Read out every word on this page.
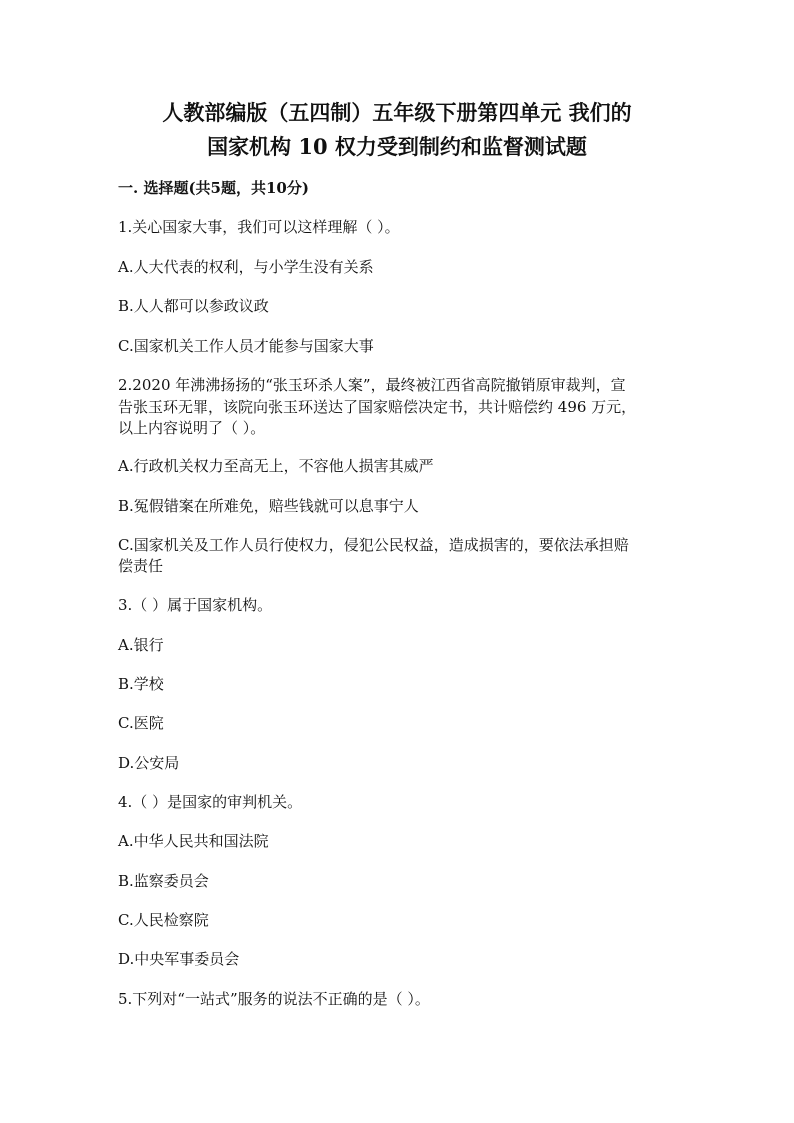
人教部编版（五四制）五年级下册第四单元 我们的
国家机构 10 权力受到制约和监督测试题
一. 选择题(共5题，共10分)
1.关心国家大事，我们可以这样理解（ ）。
A.人大代表的权利，与小学生没有关系
B.人人都可以参政议政
C.国家机关工作人员才能参与国家大事
2.2020 年沸沸扬扬的“张玉环杀人案”，最终被江西省高院撤销原审裁判，宣
告张玉环无罪，该院向张玉环送达了国家赔偿决定书，共计赔偿约 496 万元，
以上内容说明了（ ）。
A.行政机关权力至高无上，不容他人损害其威严
B.冤假错案在所难免，赔些钱就可以息事宁人
C.国家机关及工作人员行使权力，侵犯公民权益，造成损害的，要依法承担赔
偿责任
3.（ ）属于国家机构。
A.银行
B.学校
C.医院
D.公安局
4.（ ）是国家的审判机关。
A.中华人民共和国法院
B.监察委员会
C.人民检察院
D.中央军事委员会
5.下列对“一站式”服务的说法不正确的是（ ）。
